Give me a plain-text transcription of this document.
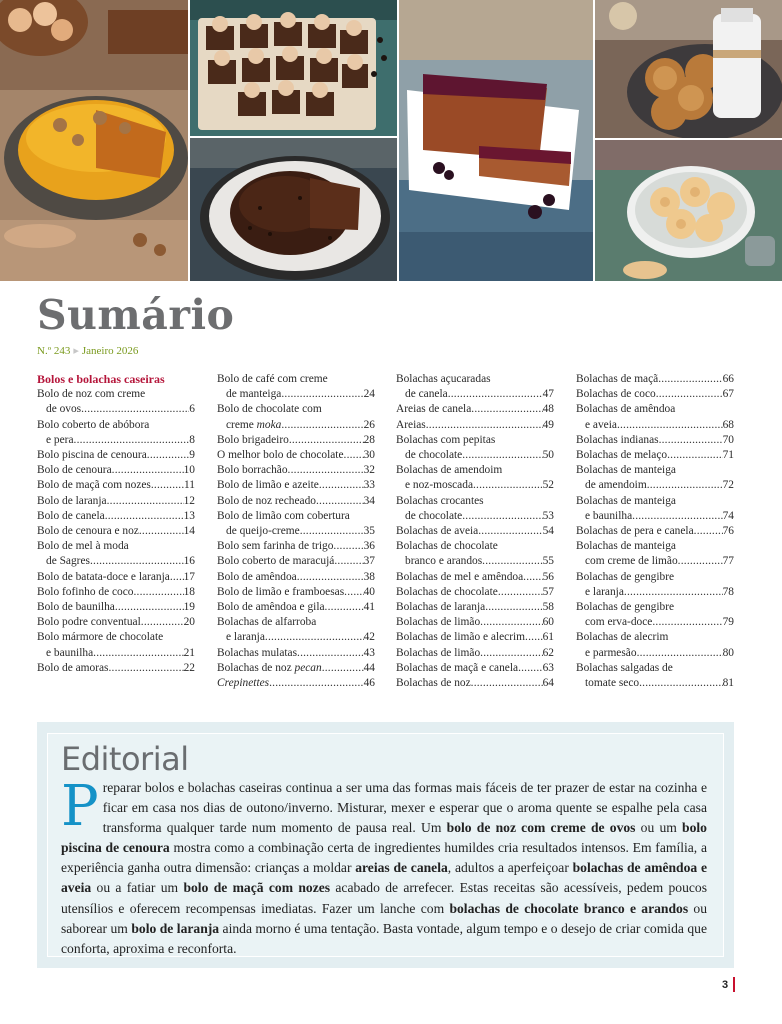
Sumário
N.º 243 ▸ Janeiro 2026
Bolos e bolachas caseiras
Bolo de noz com creme
de ovos .....	6
Bolo coberto de abóbora
e pera .....	8
Bolo piscina de cenoura .....	9
Bolo de cenoura .....	10
Bolo de maçã com nozes .....	11
Bolo de laranja .....	12
Bolo de canela .....	13
Bolo de cenoura e noz .....	14
Bolo de mel à moda
de Sagres .....	16
Bolo de batata-doce e laranja ..... 17
Bolo fofinho de coco .....	18
Bolo de baunilha .....	19
Bolo podre conventual .....	20
Bolo mármore de chocolate
e baunilha .....	21
Bolo de amoras .....	22
Bolo de café com creme
de manteiga .....	24
Bolo de chocolate com
creme moka .....	26
Bolo brigadeiro .....	28
O melhor bolo de chocolate ..... 30
Bolo borrachão .....	32
Bolo de limão e azeite .....	33
Bolo de noz recheado .....	34
Bolo de limão com cobertura
de queijo-creme .....	35
Bolo sem farinha de trigo .....	36
Bolo coberto de maracujá .....	37
Bolo de amêndoa .....	38
Bolo de limão e framboesas ..... 40
Bolo de amêndoa e gila .....	41
Bolachas de alfarroba
e laranja .....	42
Bolachas mulatas .....	43
Bolachas de noz pecan .....	44
Crepinettes .....	46
Bolachas açucaradas
de canela .....	47
Areias de canela .....	48
Areias .....	49
Bolachas com pepitas
de chocolate .....	50
Bolachas de amendoim
e noz-moscada .....	52
Bolachas crocantes
de chocolate .....	53
Bolachas de aveia .....	54
Bolachas de chocolate
branco e arandos .....	55
Bolachas de mel e amêndoa ..... 56
Bolachas de chocolate .....	57
Bolachas de laranja .....	58
Bolachas de limão .....	60
Bolachas de limão e alecrim ..... 61
Bolachas de limão .....	62
Bolachas de maçã e canela ..... 63
Bolachas de noz .....	64
Bolachas de maçã .....	66
Bolachas de coco .....	67
Bolachas de amêndoa
e aveia .....	68
Bolachas indianas .....	70
Bolachas de melaço .....	71
Bolachas de manteiga
de amendoim .....	72
Bolachas de manteiga
e baunilha .....	74
Bolachas de pera e canela .....	76
Bolachas de manteiga
com creme de limão .....	77
Bolachas de gengibre
e laranja .....	78
Bolachas de gengibre
com erva-doce .....	79
Bolachas de alecrim
e parmesão .....	80
Bolachas salgadas de
tomate seco .....	81
Editorial
Preparar bolos e bolachas caseiras continua a ser uma das formas mais fáceis de ter prazer de estar na cozinha e ficar em casa nos dias de outono/inverno. Misturar, mexer e esperar que o aroma quente se espalhe pela casa transforma qualquer tarde num momento de pausa real. Um bolo de noz com creme de ovos ou um bolo piscina de cenoura mostra como a combinação certa de ingredientes humildes cria resultados intensos. Em família, a experiência ganha outra dimensão: crianças a moldar areias de canela, adultos a aperfeiçoar bolachas de amêndoa e aveia ou a fatiar um bolo de maçã com nozes acabado de arrefecer. Estas receitas são acessíveis, pedem poucos utensílios e oferecem recompensas imediatas. Fazer um lanche com bolachas de chocolate branco e arandos ou saborear um bolo de laranja ainda morno é uma tentação. Basta vontade, algum tempo e o desejo de criar comida que conforta, aproxima e reconforta.
3
